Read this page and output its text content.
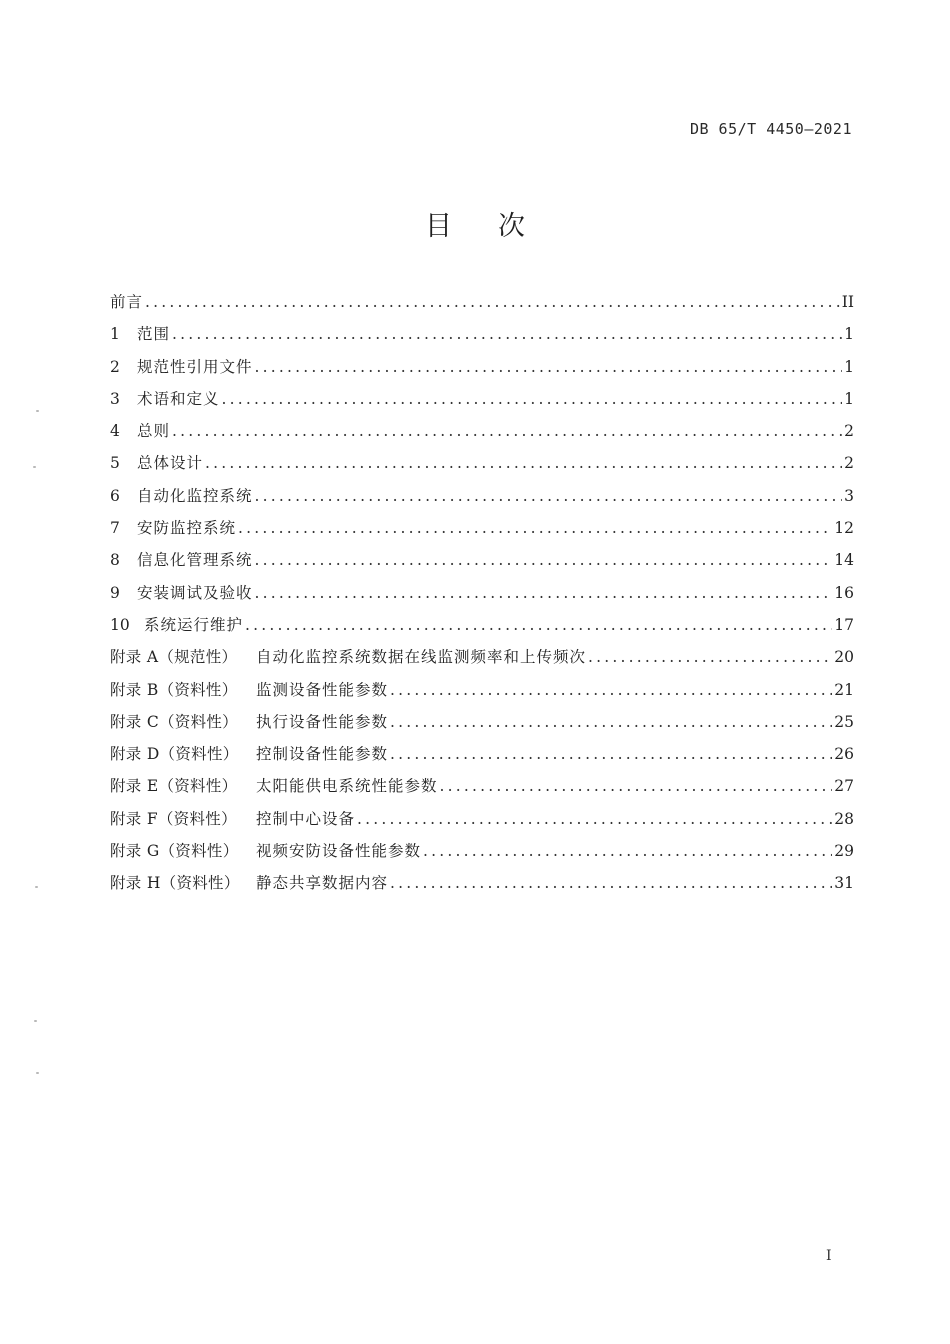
DB 65/T 4450—2021
目次
前言 .....	II
1	范围 .....	1
2	规范性引用文件 .....	1
3	术语和定义 .....	1
4	总则 .....	2
5	总体设计 .....	2
6	自动化监控系统 .....	3
7	安防监控系统 .....	12
8	信息化管理系统 .....	14
9	安装调试及验收 .....	16
10 系统运行维护 .....	17
附录 A（规范性）	自动化监控系统数据在线监测频率和上传频次 .....	20
附录 B（资料性）	监测设备性能参数 .....	21
附录 C（资料性）	执行设备性能参数 .....	25
附录 D（资料性）	控制设备性能参数 .....	26
附录 E（资料性）	太阳能供电系统性能参数 .....	27
附录 F（资料性）	控制中心设备 .....	28
附录 G（资料性）	视频安防设备性能参数 .....	29
附录 H（资料性）	静态共享数据内容 .....	31
I
